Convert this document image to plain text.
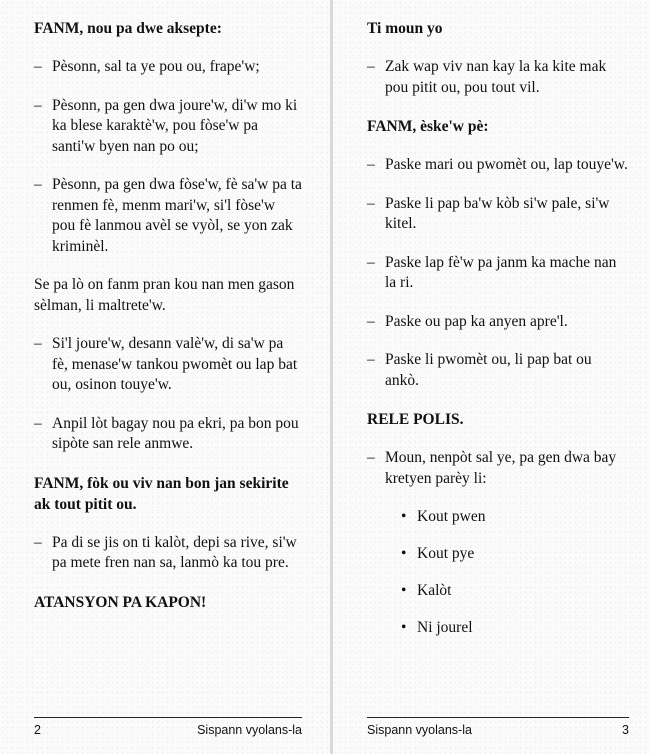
FANM, nou pa dwe aksepte:
– Pèsonn, sal ta ye pou ou, frape'w;
– Pèsonn, pa gen dwa joure'w, di'w mo ki ka blese karaktè'w, pou fòse'w pa santi'w byen nan po ou;
– Pèsonn, pa gen dwa fòse'w, fè sa'w pa ta renmen fè, menm mari'w, si'l fòse'w pou fè lanmou avèl se vyòl, se yon zak kriminèl.
Se pa lò on fanm pran kou nan men gason sèlman, li maltrete'w.
– Si'l joure'w, desann valè'w, di sa'w pa fè, menase'w tankou pwomèt ou lap bat ou, osinon touye'w.
– Anpil lòt bagay nou pa ekri, pa bon pou sipòte san rele anmwe.
FANM, fòk ou viv nan bon jan sekirite ak tout pitit ou.
– Pa di se jis on ti kalòt, depi sa rive, si'w pa mete fren nan sa, lanmò ka tou pre.
ATANSYON PA KAPON!
2	Sispann vyolans-la
Ti moun yo
– Zak wap viv nan kay la ka kite mak pou pitit ou, pou tout vil.
FANM, èske'w pè:
– Paske mari ou pwomèt ou, lap touye'w.
– Paske li pap ba'w kòb si'w pale, si'w kitel.
– Paske lap fè'w pa janm ka mache nan la ri.
– Paske ou pap ka anyen apre'l.
– Paske li pwomèt ou, li pap bat ou ankò.
RELE POLIS.
– Moun, nenpòt sal ye, pa gen dwa bay kretyen parèy li:
• Kout pwen
• Kout pye
• Kalòt
• Ni jourel
Sispann vyolans-la	3
